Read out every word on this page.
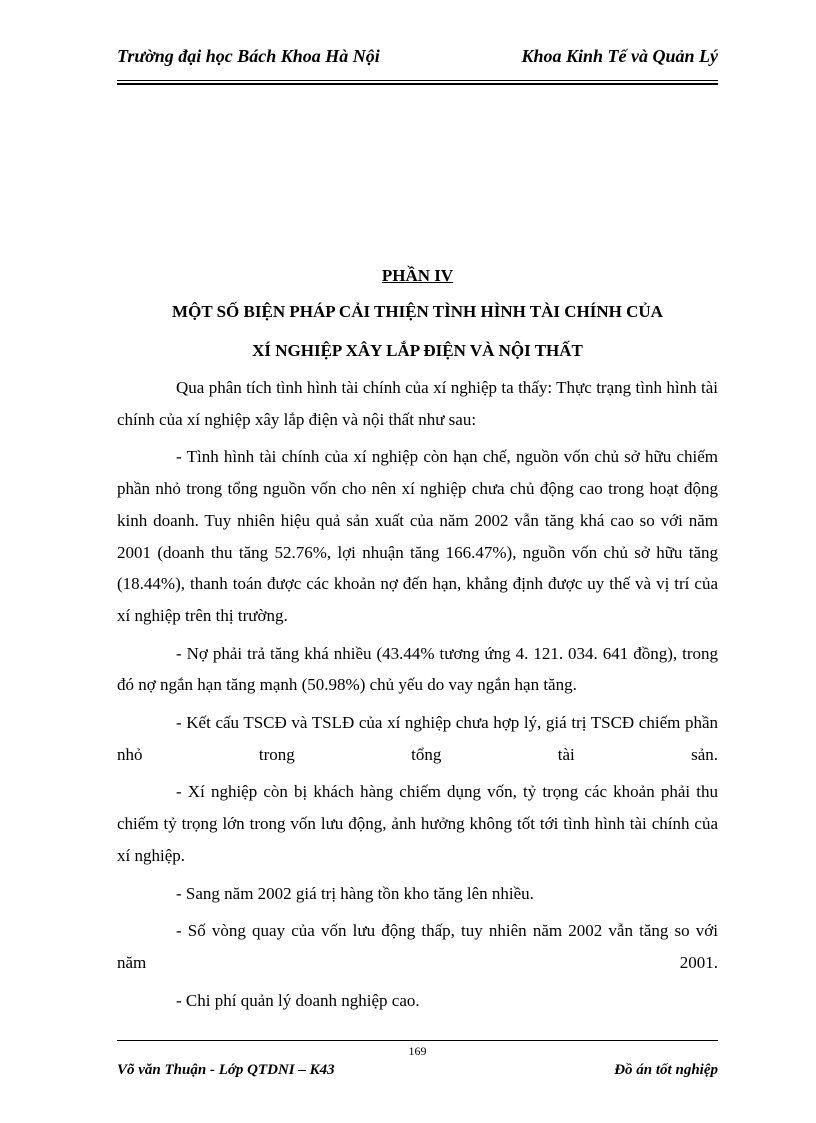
Trường đại học Bách Khoa Hà Nội	Khoa Kinh Tế và Quản Lý
PHẦN IV
MỘT SỐ BIỆN PHÁP CẢI THIỆN TÌNH HÌNH TÀI CHÍNH CỦA
XÍ NGHIỆP XÂY LẮP ĐIỆN VÀ NỘI THẤT

Qua phân tích tình hình tài chính của xí nghiệp ta thấy: Thực trạng tình hình tài chính của xí nghiệp xây lắp điện và nội thất như sau:

- Tình hình tài chính của xí nghiệp còn hạn chế, nguồn vốn chủ sở hữu chiếm phần nhỏ trong tổng nguồn vốn cho nên xí nghiệp chưa chủ động cao trong hoạt động kinh doanh. Tuy nhiên hiệu quả sản xuất của năm 2002 vẫn tăng khá cao so với năm 2001 (doanh thu tăng 52.76%, lợi nhuận tăng 166.47%), nguồn vốn chủ sở hữu tăng (18.44%), thanh toán được các khoản nợ đến hạn, khẳng định được uy thế và vị trí của xí nghiệp trên thị trường.

- Nợ phải trả tăng khá nhiều (43.44% tương ứng 4. 121. 034. 641 đồng), trong đó nợ ngắn hạn tăng mạnh (50.98%) chủ yếu do vay ngắn hạn tăng.

- Kết cấu TSCĐ và TSLĐ của xí nghiệp chưa hợp lý, giá trị TSCĐ chiếm phần nhỏ trong tổng tài sản.

- Xí nghiệp còn bị khách hàng chiếm dụng vốn, tỷ trọng các khoản phải thu chiếm tỷ trọng lớn trong vốn lưu động, ảnh hưởng không tốt tới tình hình tài chính của xí nghiệp.

- Sang năm 2002 giá trị hàng tồn kho tăng lên nhiều.

- Số vòng quay của vốn lưu động thấp, tuy nhiên năm 2002 vẫn tăng so với năm 2001.

- Chi phí quản lý doanh nghiệp cao.

169
Võ văn Thuận - Lớp QTDNI – K43	Đồ án tốt nghiệp
